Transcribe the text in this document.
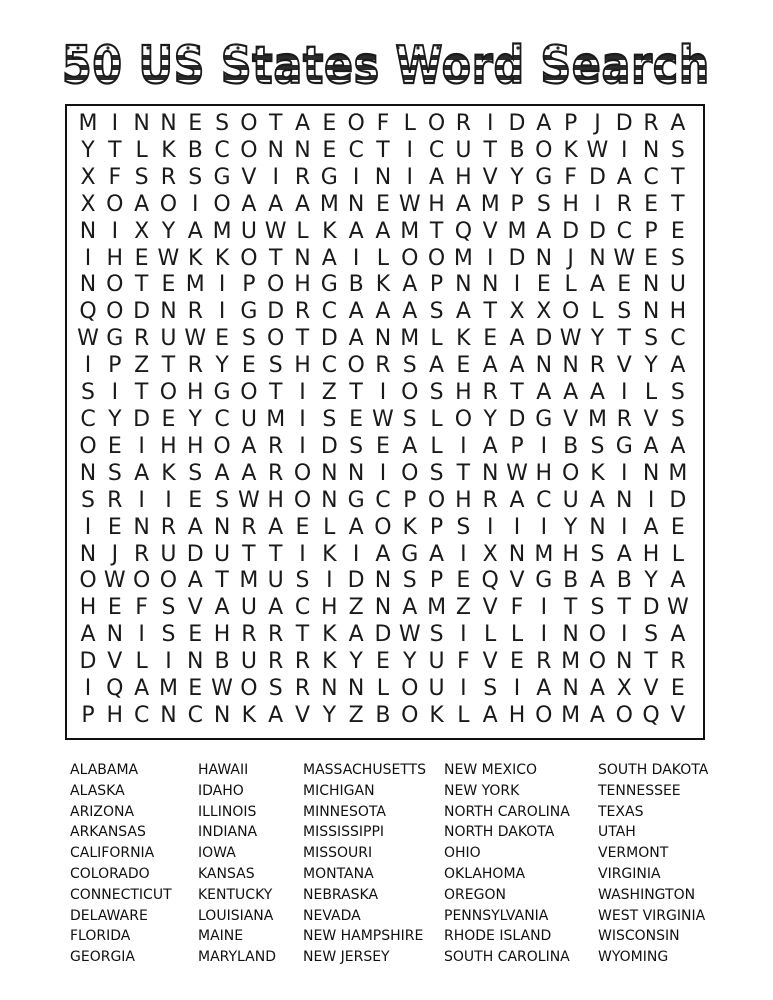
50 US States Word Search
M I N N E S O T A E O F L O R I D A P J D R A
Y T L K B C O N N E C T I C U T B O K W I N S
X F S R S G V I R G I N I A H V Y G F D A C T
X O A O I O A A A M N E W H A M P S H I R E T
N I X Y A M U W L K A A M T Q V M A D D C P E
I H E W K K O T N A I L O O M I D N J N W E S
N O T E M I P O H G B K A P N N I E L A E N U
Q O D N R I G D R C A A A S A T X X O L S N H
W G R U W E S O T D A N M L K E A D W Y T S C
I P Z T R Y E S H C O R S A E A A N N R V Y A
S I T O H G O T I Z T I O S H R T A A A I L S
C Y D E Y C U M I S E W S L O Y D G V M R V S
O E I H H O A R I D S E A L I A P I B S G A A
N S A K S A A R O N N I O S T N W H O K I N M
S R I I E S W H O N G C P O H R A C U A N I D
I E N R A N R A E L A O K P S I I I Y N I A E
N J R U D U T T I K I A G A I X N M H S A H L
O W O O A T M U S I D N S P E Q V G B A B Y A
H E F S V A U A C H Z N A M Z V F I T S T D W
A N I S E H R R T K A D W S I L L I N O I S A
D V L I N B U R R K Y E Y U F V E R M O N T R
I Q A M E W O S R N N L O U I S I A N A X V E
P H C N C N K A V Y Z B O K L A H O M A O Q V
ALABAMA
ALASKA
ARIZONA
ARKANSAS
CALIFORNIA
COLORADO
CONNECTICUT
DELAWARE
FLORIDA
GEORGIA
HAWAII
IDAHO
ILLINOIS
INDIANA
IOWA
KANSAS
KENTUCKY
LOUISIANA
MAINE
MARYLAND
MASSACHUSETTS
MICHIGAN
MINNESOTA
MISSISSIPPI
MISSOURI
MONTANA
NEBRASKA
NEVADA
NEW HAMPSHIRE
NEW JERSEY
NEW MEXICO
NEW YORK
NORTH CAROLINA
NORTH DAKOTA
OHIO
OKLAHOMA
OREGON
PENNSYLVANIA
RHODE ISLAND
SOUTH CAROLINA
SOUTH DAKOTA
TENNESSEE
TEXAS
UTAH
VERMONT
VIRGINIA
WASHINGTON
WEST VIRGINIA
WISCONSIN
WYOMING
